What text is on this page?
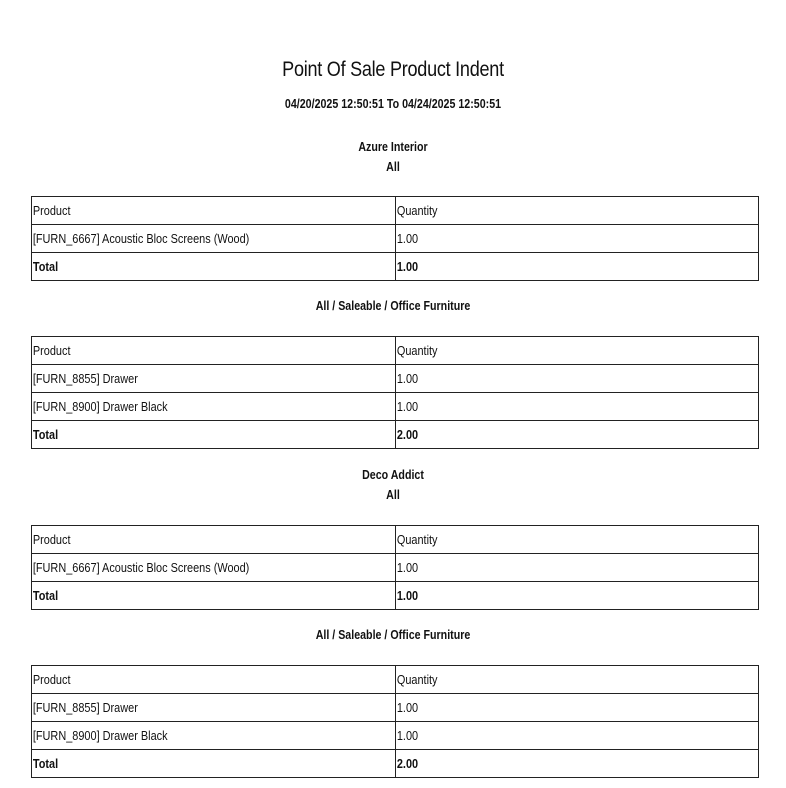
Point Of Sale Product Indent
04/20/2025 12:50:51 To 04/24/2025 12:50:51
Azure Interior
All
Product	Quantity
[FURN_6667] Acoustic Bloc Screens (Wood)	1.00
Total	1.00
All / Saleable / Office Furniture
Product	Quantity
[FURN_8855] Drawer	1.00
[FURN_8900] Drawer Black	1.00
Total	2.00
Deco Addict
All
Product	Quantity
[FURN_6667] Acoustic Bloc Screens (Wood)	1.00
Total	1.00
All / Saleable / Office Furniture
Product	Quantity
[FURN_8855] Drawer	1.00
[FURN_8900] Drawer Black	1.00
Total	2.00
